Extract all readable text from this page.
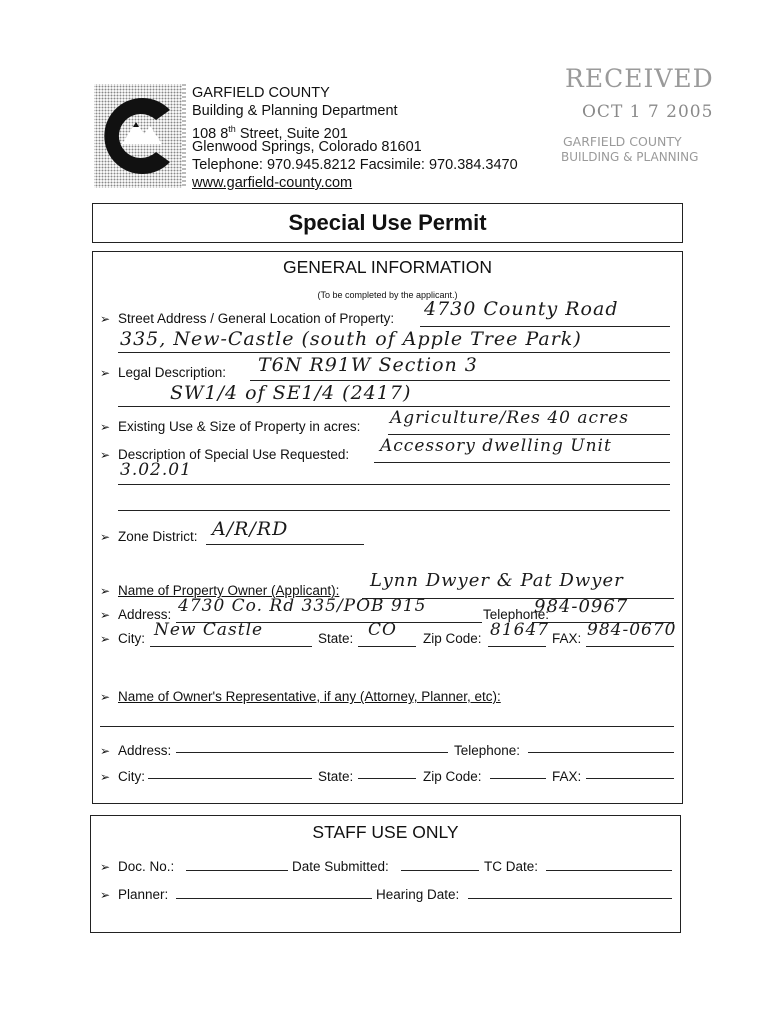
GARFIELD COUNTY
Building & Planning Department
108 8th Street, Suite 201
Glenwood Springs, Colorado 81601
Telephone: 970.945.8212 Facsimile: 970.384.3470
www.garfield-county.com
RECEIVED
OCT 1 7 2005
GARFIELD COUNTY
BUILDING & PLANNING
Special Use Permit
GENERAL INFORMATION
(To be completed by the applicant.)
➢ Street Address / General Location of Property: 4730 County Road
335, New-Castle (south of Apple Tree Park)
➢ Legal Description: T6N R91W Section 3
SW1/4 of SE1/4 (2417)
➢ Existing Use & Size of Property in acres: Agriculture/Res 40 acres
➢ Description of Special Use Requested: Accessory dwelling Unit
3.02.01
➢ Zone District: A/R/RD
➢ Name of Property Owner (Applicant): Lynn Dwyer & Pat Dwyer
➢ Address: 4730 Co. Rd 335/POB 915	Telephone:
984-0967
➢ City: New Castle	State: CO Zip Code: 81647 FAX: 984-0670
➢ Name of Owner's Representative, if any (Attorney, Planner, etc):
➢ Address:	Telephone:
➢ City:	State:	Zip Code:	FAX:
STAFF USE ONLY
➢ Doc. No.:	Date Submitted:	TC Date:
➢ Planner:	Hearing Date:
